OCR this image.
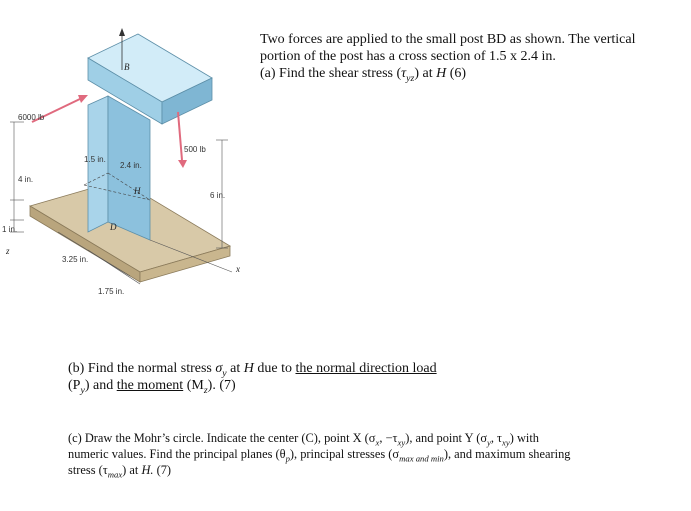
6000 lb
500 lb
4 in.
1 in.
1.5 in.
2.4 in.
6 in.
3.25 in.
1.75 in.
B
D
H
x
z
Two forces are applied to the small post BD as shown. The vertical
portion of the post has a cross section of 1.5 x 2.4 in.
(a) Find the shear stress $(\tau_{yz})$ at H (6)
(b) Find the normal stress $\sigma_y$ at H due to the normal direction load
$(P_y)$ and the moment $(M_z)$. (7)
(c) Draw the Mohr’s circle. Indicate the center (C), point X ($\sigma_x$, $-\tau_{xy}$), and point Y ($\sigma_y$, $\tau_{xy}$) with
numeric values. Find the principal planes $(\theta_p)$, principal stresses $(\sigma_{max and min})$, and maximum shearing
stress $(\tau_{max})$ at H. (7)
